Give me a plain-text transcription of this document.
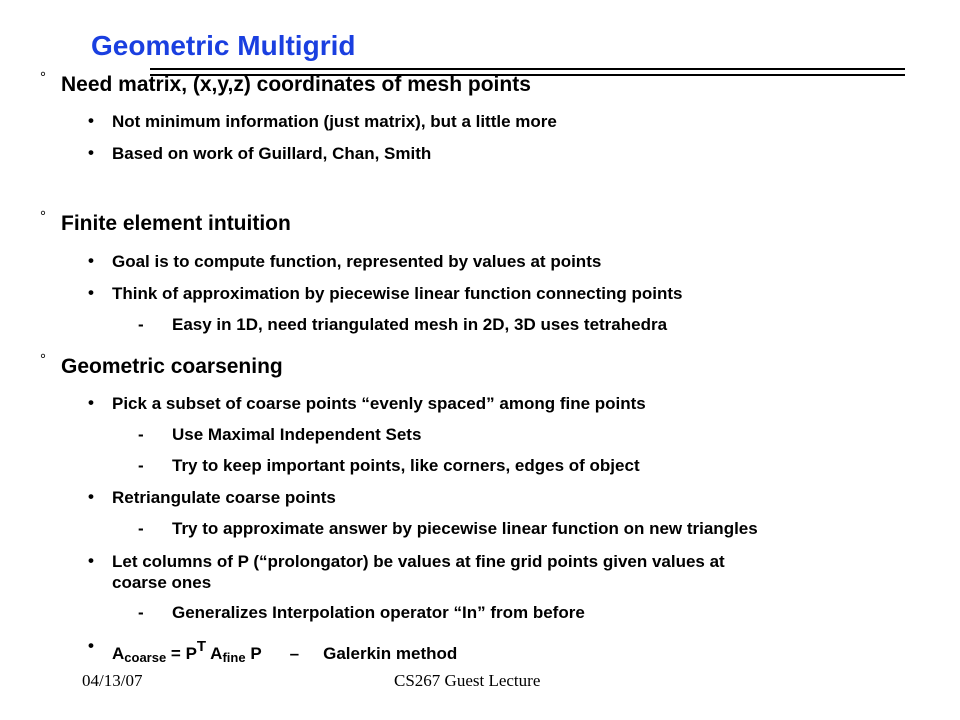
Geometric Multigrid
° Need matrix, (x,y,z) coordinates of mesh points
• Not minimum information (just matrix), but a little more
• Based on work of Guillard, Chan, Smith
° Finite element intuition
• Goal is to compute function, represented by values at points
• Think of approximation by piecewise linear function connecting points
- Easy in 1D, need triangulated mesh in 2D, 3D uses tetrahedra
° Geometric coarsening
• Pick a subset of coarse points “evenly spaced” among fine points
- Use Maximal Independent Sets
- Try to keep important points, like corners, edges of object
• Retriangulate coarse points
- Try to approximate answer by piecewise linear function on new triangles
• Let columns of P (“prolongator) be values at fine grid points given values at
coarse ones
- Generalizes Interpolation operator “In” from before
• $A_{coarse} = P^T$ $A_{fine}$ P – Galerkin method
04/13/07	CS267 Guest Lecture
